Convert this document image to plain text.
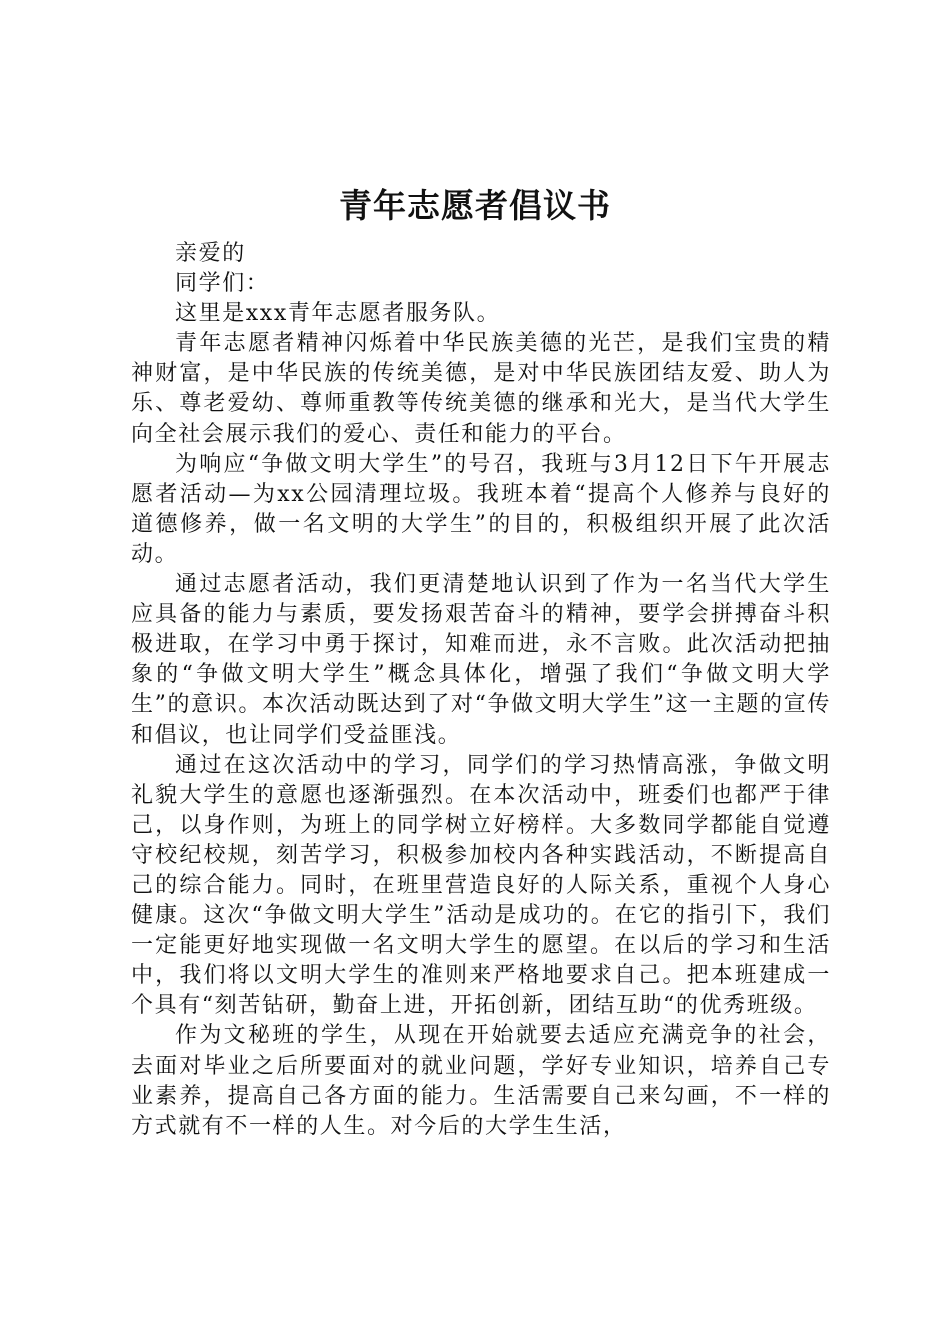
青年志愿者倡议书

亲爱的

同学们：

这里是xxx青年志愿者服务队。

青年志愿者精神闪烁着中华民族美德的光芒，是我们宝贵的精神财富，是中华民族的传统美德，是对中华民族团结友爱、助人为乐、尊老爱幼、尊师重教等传统美德的继承和光大，是当代大学生向全社会展示我们的爱心、责任和能力的平台。

为响应“争做文明大学生”的号召，我班与3月12日下午开展志愿者活动—为xx公园清理垃圾。我班本着“提高个人修养与良好的道德修养，做一名文明的大学生”的目的，积极组织开展了此次活动。

通过志愿者活动，我们更清楚地认识到了作为一名当代大学生应具备的能力与素质，要发扬艰苦奋斗的精神，要学会拼搏奋斗积极进取，在学习中勇于探讨，知难而进，永不言败。此次活动把抽象的“争做文明大学生”概念具体化，增强了我们“争做文明大学生”的意识。本次活动既达到了对“争做文明大学生”这一主题的宣传和倡议，也让同学们受益匪浅。

通过在这次活动中的学习，同学们的学习热情高涨，争做文明礼貌大学生的意愿也逐渐强烈。在本次活动中，班委们也都严于律己，以身作则，为班上的同学树立好榜样。大多数同学都能自觉遵守校纪校规，刻苦学习，积极参加校内各种实践活动，不断提高自己的综合能力。同时，在班里营造良好的人际关系，重视个人身心健康。这次“争做文明大学生”活动是成功的。在它的指引下，我们一定能更好地实现做一名文明大学生的愿望。在以后的学习和生活中，我们将以文明大学生的准则来严格地要求自己。把本班建成一个具有“刻苦钻研，勤奋上进，开拓创新，团结互助“的优秀班级。

作为文秘班的学生，从现在开始就要去适应充满竞争的社会，去面对毕业之后所要面对的就业问题，学好专业知识，培养自己专业素养，提高自己各方面的能力。生活需要自己来勾画，不一样的方式就有不一样的人生。对今后的大学生生活，
